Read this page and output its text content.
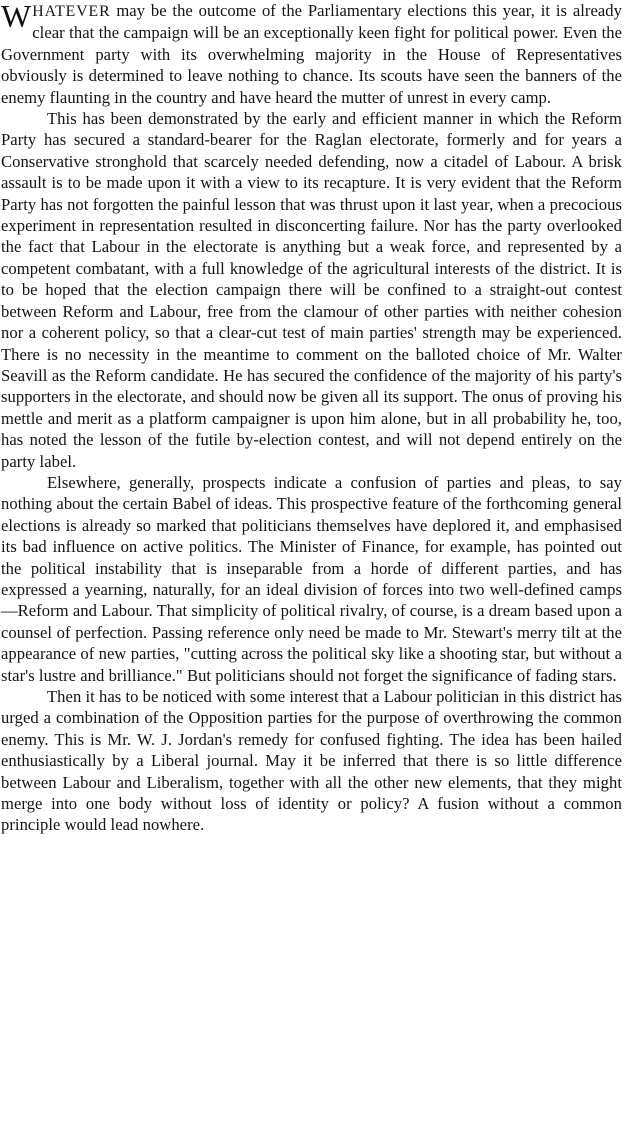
WHATEVER may be the outcome of the Parliamentary elections this year, it is already clear that the campaign will be an exceptionally keen fight for political power. Even the Government party with its overwhelming majority in the House of Representatives obviously is determined to leave nothing to chance. Its scouts have seen the banners of the enemy flaunting in the country and have heard the mutter of unrest in every camp.

This has been demonstrated by the early and efficient manner in which the Reform Party has secured a standard-bearer for the Raglan electorate, formerly and for years a Conservative stronghold that scarcely needed defending, now a citadel of Labour. A brisk assault is to be made upon it with a view to its recapture. It is very evident that the Reform Party has not forgotten the painful lesson that was thrust upon it last year, when a precocious experiment in representation resulted in disconcerting failure. Nor has the party overlooked the fact that Labour in the electorate is anything but a weak force, and represented by a competent combatant, with a full knowledge of the agricultural interests of the district. It is to be hoped that the election campaign there will be confined to a straight-out contest between Reform and Labour, free from the clamour of other parties with neither cohesion nor a coherent policy, so that a clear-cut test of main parties' strength may be experienced. There is no necessity in the meantime to comment on the balloted choice of Mr. Walter Seavill as the Reform candidate. He has secured the confidence of the majority of his party's supporters in the electorate, and should now be given all its support. The onus of proving his mettle and merit as a platform campaigner is upon him alone, but in all probability he, too, has noted the lesson of the futile by-election contest, and will not depend entirely on the party label.

Elsewhere, generally, prospects indicate a confusion of parties and pleas, to say nothing about the certain Babel of ideas. This prospective feature of the forthcoming general elections is already so marked that politicians themselves have deplored it, and emphasised its bad influence on active politics. The Minister of Finance, for example, has pointed out the political instability that is inseparable from a horde of different parties, and has expressed a yearning, naturally, for an ideal division of forces into two well-defined camps—Reform and Labour. That simplicity of political rivalry, of course, is a dream based upon a counsel of perfection. Passing reference only need be made to Mr. Stewart's merry tilt at the appearance of new parties, "cutting across the political sky like a shooting star, but without a star's lustre and brilliance." But politicians should not forget the significance of fading stars.

Then it has to be noticed with some interest that a Labour politician in this district has urged a combination of the Opposition parties for the purpose of overthrowing the common enemy. This is Mr. W. J. Jordan's remedy for confused fighting. The idea has been hailed enthusiastically by a Liberal journal. May it be inferred that there is so little difference between Labour and Liberalism, together with all the other new elements, that they might merge into one body without loss of identity or policy? A fusion without a common principle would lead nowhere.
